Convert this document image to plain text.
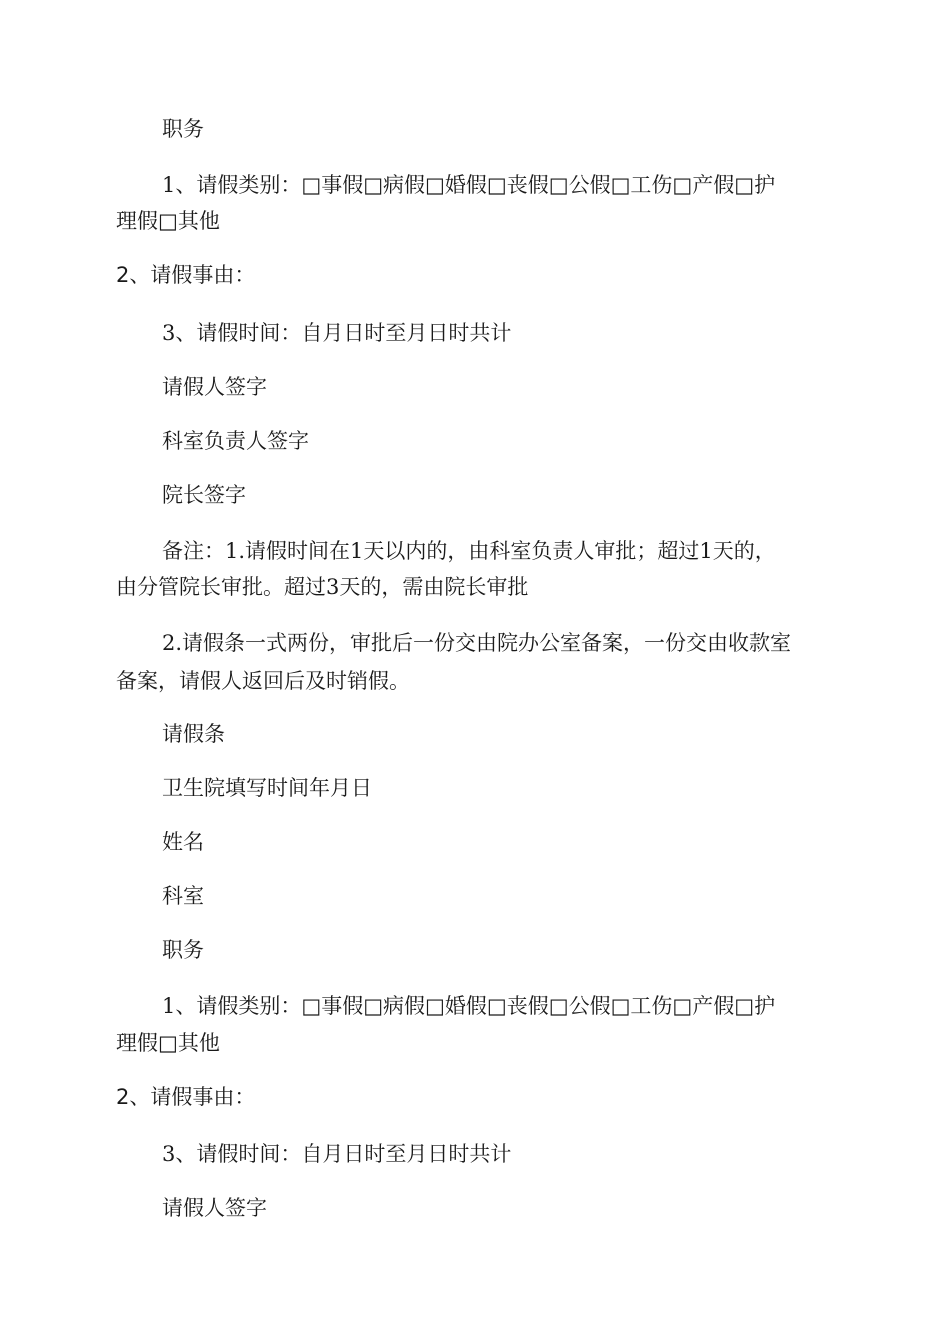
职务

1、请假类别：□事假□病假□婚假□丧假□公假□工伤□产假□护

理假□其他

2、请假事由：

3、请假时间：自月日时至月日时共计

请假人签字

科室负责人签字

院长签字

备注：1.请假时间在1天以内的，由科室负责人审批；超过1天的，

由分管院长审批。超过3天的，需由院长审批

2.请假条一式两份，审批后一份交由院办公室备案，一份交由收款室

备案，请假人返回后及时销假。

请假条

卫生院填写时间年月日

姓名

科室

职务

1、请假类别：□事假□病假□婚假□丧假□公假□工伤□产假□护

理假□其他

2、请假事由：

3、请假时间：自月日时至月日时共计

请假人签字
